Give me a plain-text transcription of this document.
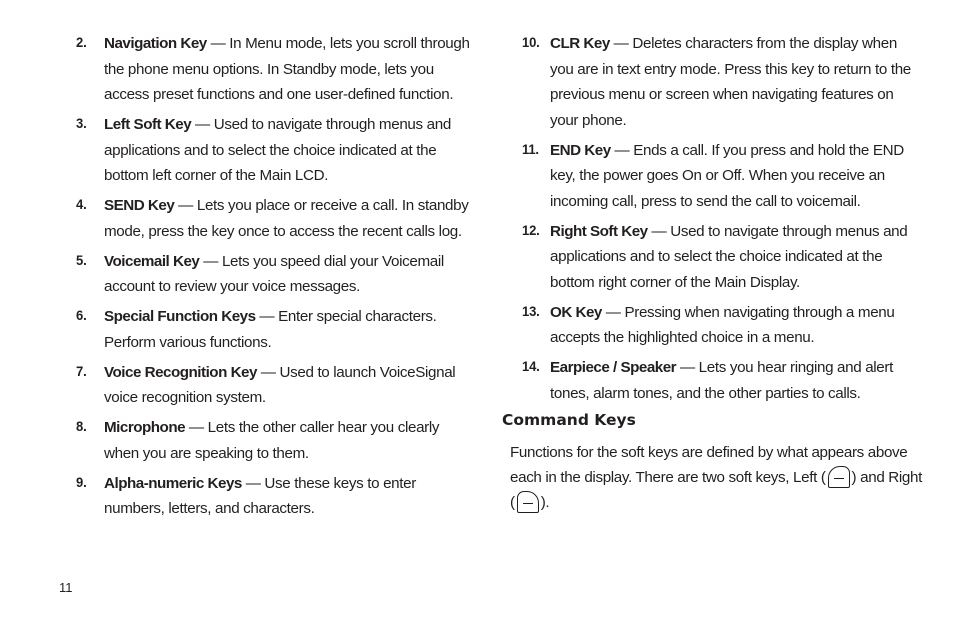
2.	Navigation Key — In Menu mode, lets you scroll through the phone menu options. In Standby mode, lets you access preset functions and one user-defined function.
3.	Left Soft Key — Used to navigate through menus and applications and to select the choice indicated at the bottom left corner of the Main LCD.
4.	SEND Key — Lets you place or receive a call. In standby mode, press the key once to access the recent calls log.
5.	Voicemail Key — Lets you speed dial your Voicemail account to review your voice messages.
6.	Special Function Keys — Enter special characters. Perform various functions.
7.	Voice Recognition Key — Used to launch VoiceSignal voice recognition system.
8.	Microphone — Lets the other caller hear you clearly when you are speaking to them.
9.	Alpha-numeric Keys — Use these keys to enter numbers, letters, and characters.
10. CLR Key — Deletes characters from the display when you are in text entry mode. Press this key to return to the previous menu or screen when navigating features on your phone.
11. END Key — Ends a call. If you press and hold the END key, the power goes On or Off. When you receive an incoming call, press to send the call to voicemail.
12. Right Soft Key — Used to navigate through menus and applications and to select the choice indicated at the bottom right corner of the Main Display.
13. OK Key — Pressing when navigating through a menu accepts the highlighted choice in a menu.
14. Earpiece / Speaker — Lets you hear ringing and alert tones, alarm tones, and the other parties to calls.
Command Keys
Functions for the soft keys are defined by what appears above each in the display. There are two soft keys, Left ( ) and Right ( ).
11
